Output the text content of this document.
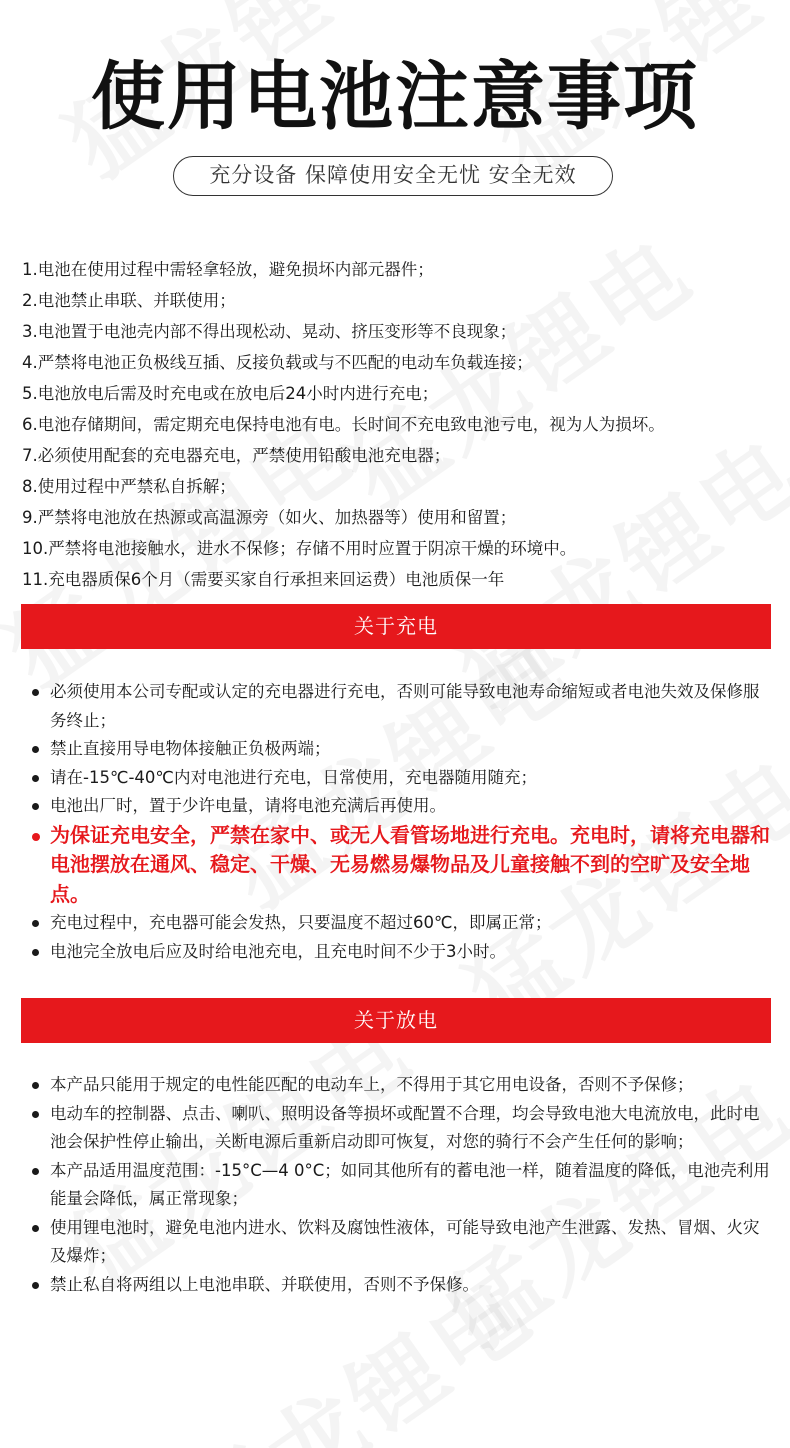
使用电池注意事项
充分设备 保障使用安全无忧 安全无效
1.电池在使用过程中需轻拿轻放，避免损坏内部元器件；
2.电池禁止串联、并联使用；
3.电池置于电池壳内部不得出现松动、晃动、挤压变形等不良现象；
4.严禁将电池正负极线互插、反接负载或与不匹配的电动车负载连接；
5.电池放电后需及时充电或在放电后24小时内进行充电；
6.电池存储期间，需定期充电保持电池有电。长时间不充电致电池亏电，视为人为损坏。
7.必须使用配套的充电器充电，严禁使用铅酸电池充电器；
8.使用过程中严禁私自拆解；
9.严禁将电池放在热源或高温源旁（如火、加热器等）使用和留置；
10.严禁将电池接触水，进水不保修；存储不用时应置于阴凉干燥的环境中。
11.充电器质保6个月（需要买家自行承担来回运费）电池质保一年
关于充电
必须使用本公司专配或认定的充电器进行充电，否则可能导致电池寿命缩短或者电池失效及保修服务终止；
禁止直接用导电物体接触正负极两端；
请在-15℃-40℃内对电池进行充电，日常使用，充电器随用随充；
电池出厂时，置于少许电量，请将电池充满后再使用。
为保证充电安全，严禁在家中、或无人看管场地进行充电。充电时，请将充电器和电池摆放在通风、稳定、干燥、无易燃易爆物品及儿童接触不到的空旷及安全地点。
充电过程中，充电器可能会发热，只要温度不超过60℃，即属正常；
电池完全放电后应及时给电池充电，且充电时间不少于3小时。
关于放电
本产品只能用于规定的电性能匹配的电动车上，不得用于其它用电设备，否则不予保修；
电动车的控制器、点击、喇叭、照明设备等损坏或配置不合理，均会导致电池大电流放电，此时电池会保护性停止输出，关断电源后重新启动即可恢复，对您的骑行不会产生任何的影响；
本产品适用温度范围：-15°C—4 0°C；如同其他所有的蓄电池一样，随着温度的降低，电池壳利用能量会降低，属正常现象；
使用锂电池时，避免电池内进水、饮料及腐蚀性液体，可能导致电池产生泄露、发热、冒烟、火灾及爆炸；
禁止私自将两组以上电池串联、并联使用，否则不予保修。
